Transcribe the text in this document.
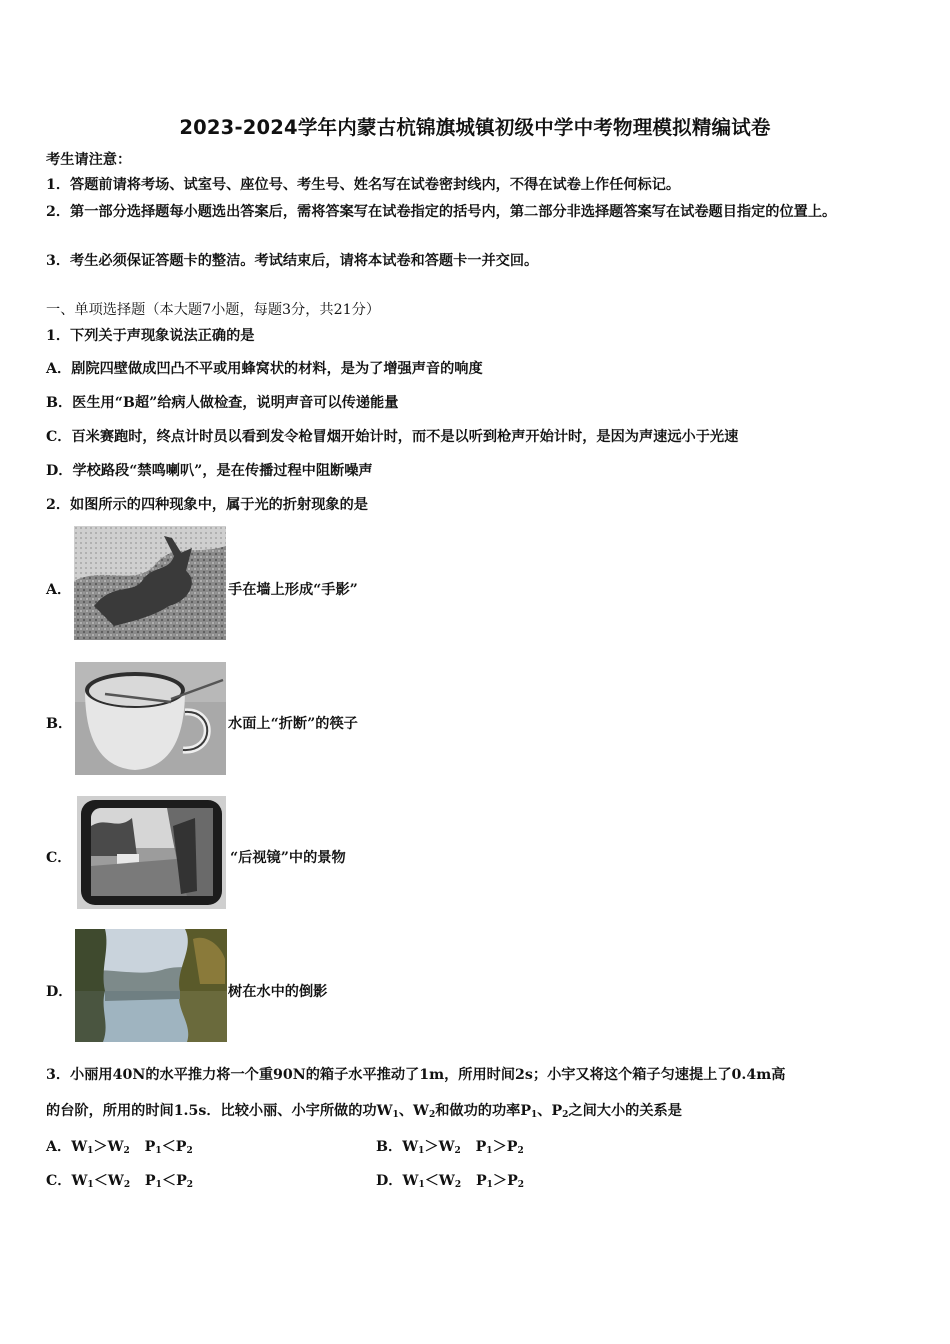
2023-2024学年内蒙古杭锦旗城镇初级中学中考物理模拟精编试卷
考生请注意：
1．答题前请将考场、试室号、座位号、考生号、姓名写在试卷密封线内，不得在试卷上作任何标记。
2．第一部分选择题每小题选出答案后，需将答案写在试卷指定的括号内，第二部分非选择题答案写在试卷题目指定的位置上。
3．考生必须保证答题卡的整洁。考试结束后，请将本试卷和答题卡一并交回。
一、单项选择题（本大题7小题，每题3分，共21分）
1．下列关于声现象说法正确的是
A．剧院四壁做成凹凸不平或用蜂窝状的材料，是为了增强声音的响度
B．医生用“B超”给病人做检查，说明声音可以传递能量
C．百米赛跑时，终点计时员以看到发令枪冒烟开始计时，而不是以听到枪声开始计时，是因为声速远小于光速
D．学校路段“禁鸣喇叭”，是在传播过程中阻断噪声
2．如图所示的四种现象中，属于光的折射现象的是
A．	手在墙上形成“手影”
B．	水面上“折断”的筷子
C．	“后视镜”中的景物
D．	树在水中的倒影
3．小丽用40N的水平推力将一个重90N的箱子水平推动了1m，所用时间2s；小宇又将这个箱子匀速提上了0.4m高
的台阶，所用的时间1.5s．比较小丽、小宇所做的功$W_1$、$W_2$和做功的功率$P_1$、$P_2$之间大小的关系是
A．$W_1>W_2$ $P_1<P_2$	B．$W_1>W_2$ $P_1>P_2$
C．$W_1<W_2$ $P_1<P_2$	D．$W_1<W_2$ $P_1>P_2$
